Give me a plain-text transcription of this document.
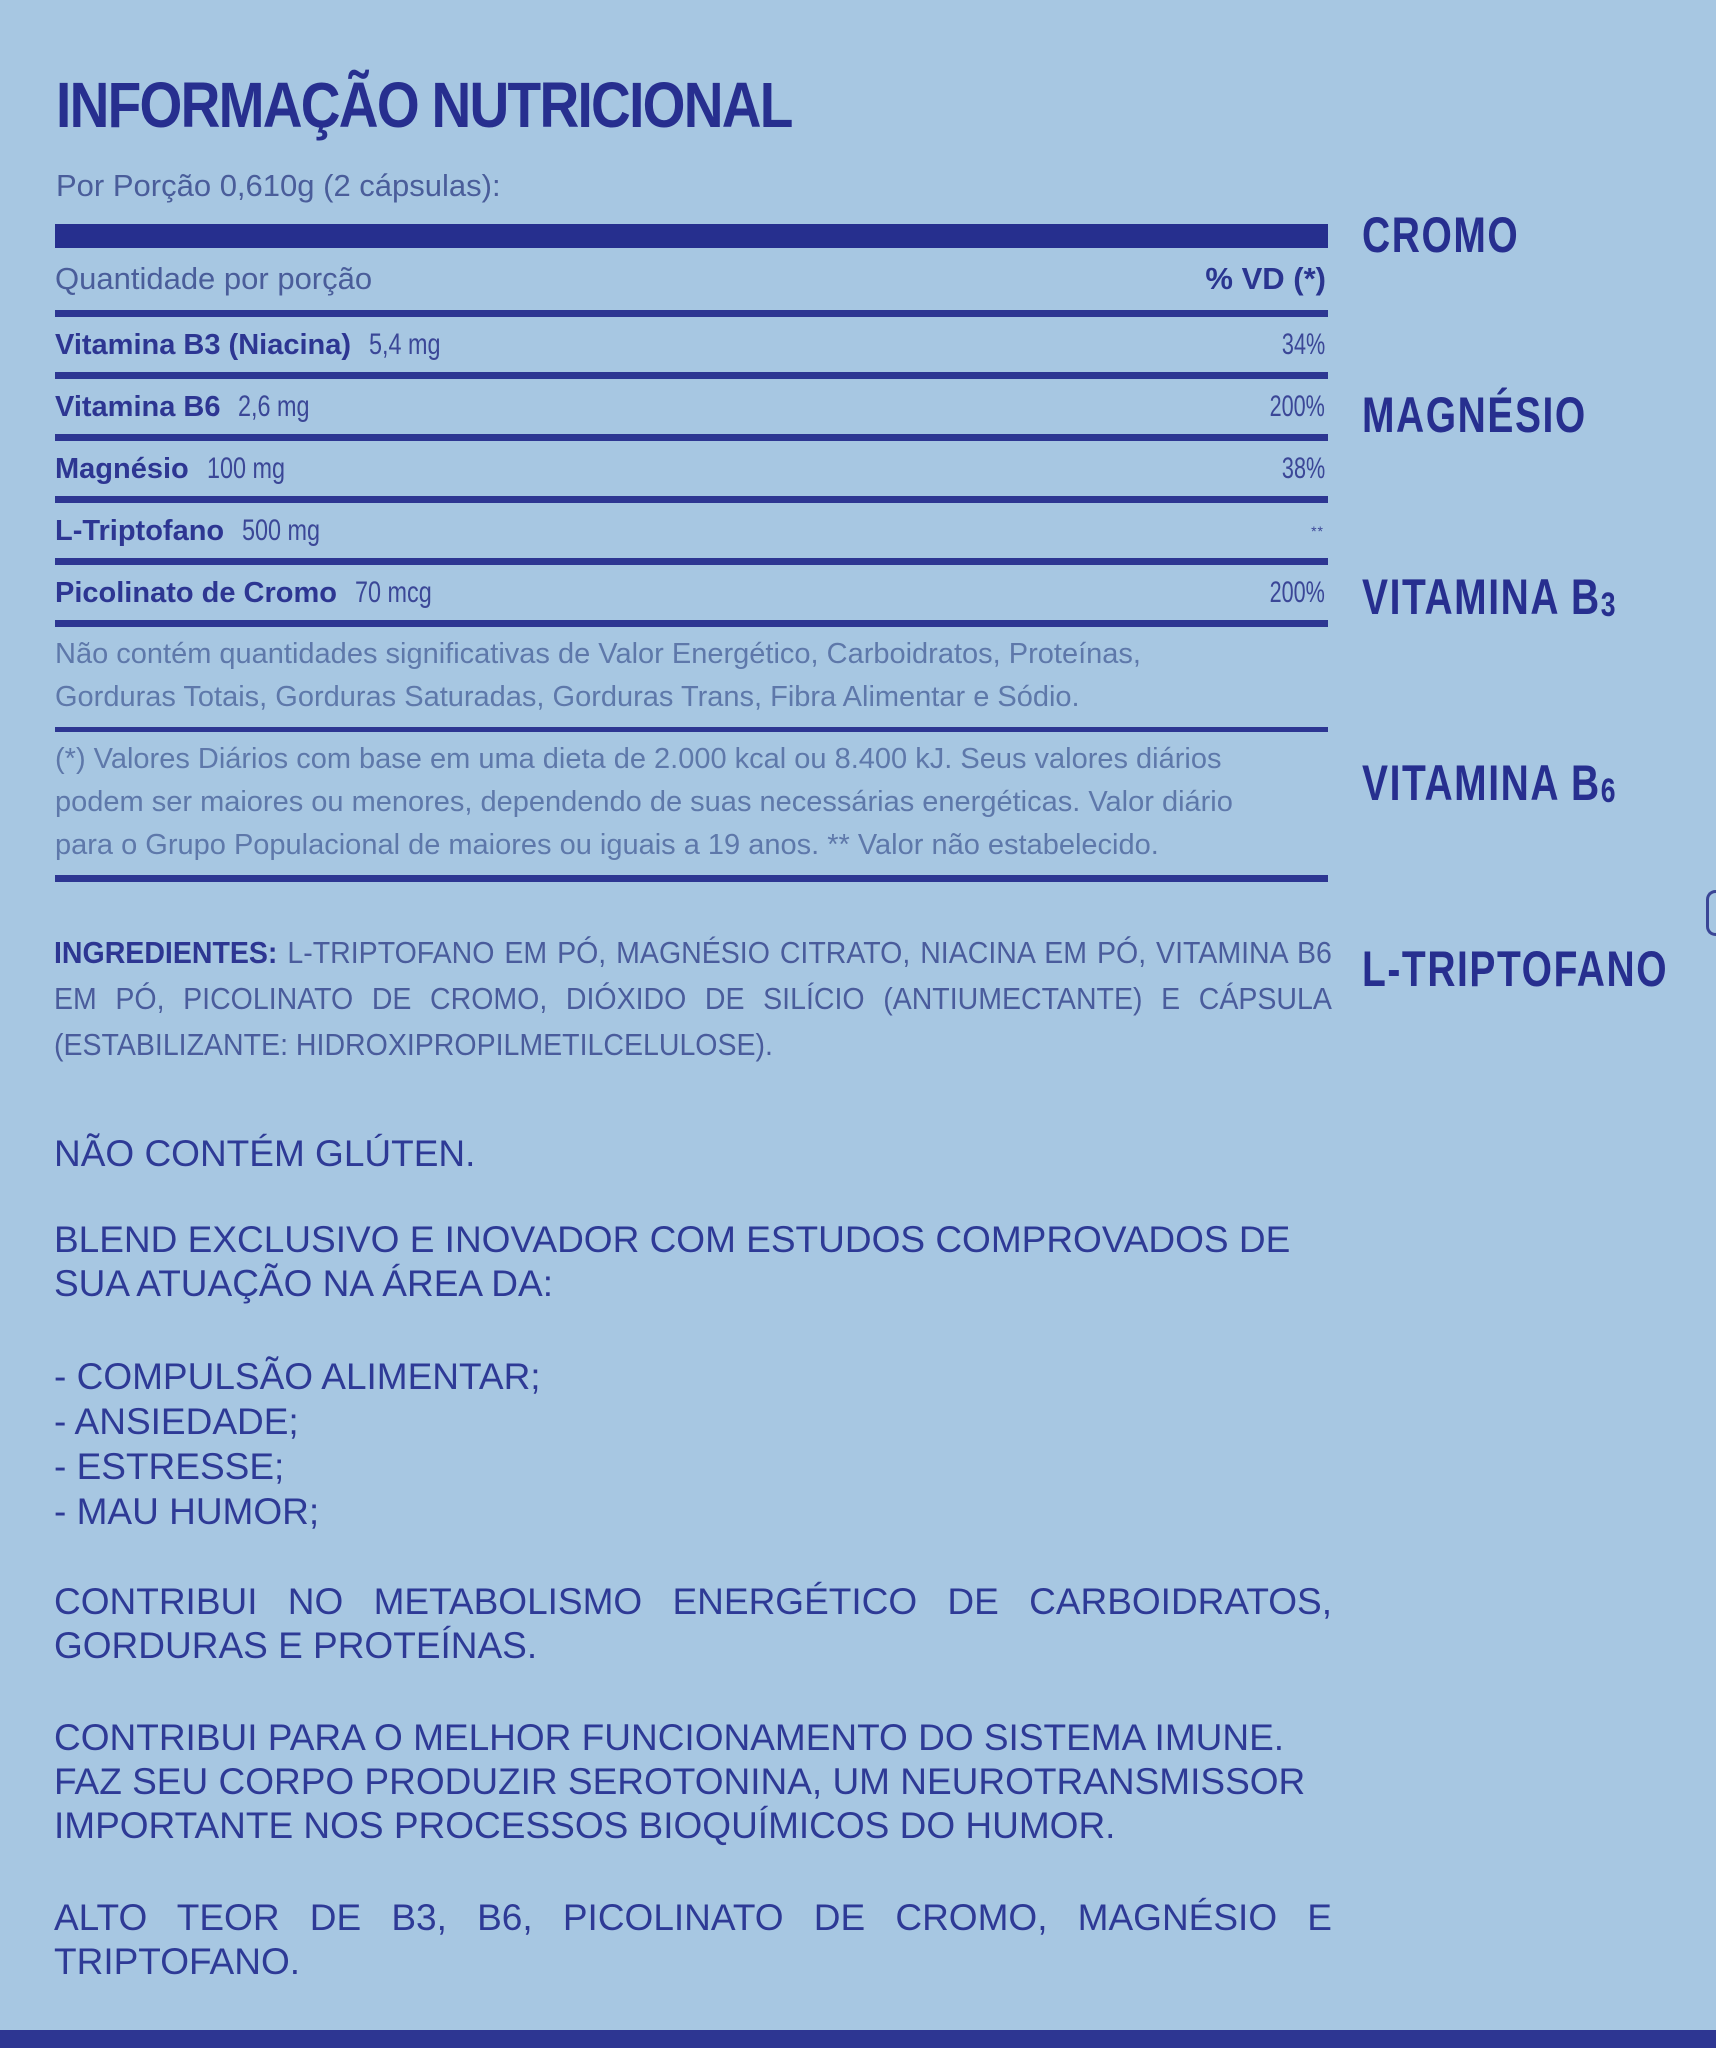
INFORMAÇÃO NUTRICIONAL
Por Porção 0,610g (2 cápsulas):
Quantidade por porção	% VD (*)
Vitamina B3 (Niacina) 5,4 mg	34%
Vitamina B6 2,6 mg	200%
Magnésio 100 mg	38%
L-Triptofano 500 mg	**
Picolinato de Cromo 70 mcg	200%
Não contém quantidades significativas de Valor Energético, Carboidratos, Proteínas,
Gorduras Totais, Gorduras Saturadas, Gorduras Trans, Fibra Alimentar e Sódio.
(*) Valores Diários com base em uma dieta de 2.000 kcal ou 8.400 kJ. Seus valores diários
podem ser maiores ou menores, dependendo de suas necessárias energéticas. Valor diário
para o Grupo Populacional de maiores ou iguais a 19 anos. ** Valor não estabelecido.
INGREDIENTES: L-TRIPTOFANO EM PÓ, MAGNÉSIO CITRATO, NIACINA EM PÓ, VITAMINA B6 EM PÓ, PICOLINATO DE CROMO, DIÓXIDO DE SILÍCIO (ANTIUMECTANTE) E CÁPSULA (ESTABILIZANTE: HIDROXIPROPILMETILCELULOSE).
NÃO CONTÉM GLÚTEN.
BLEND EXCLUSIVO E INOVADOR COM ESTUDOS COMPROVADOS DE
SUA ATUAÇÃO NA ÁREA DA:
- COMPULSÃO ALIMENTAR;
- ANSIEDADE;
- ESTRESSE;
- MAU HUMOR;
CONTRIBUI NO METABOLISMO ENERGÉTICO DE CARBOIDRATOS, GORDURAS E PROTEÍNAS.
CONTRIBUI PARA O MELHOR FUNCIONAMENTO DO SISTEMA IMUNE.
FAZ SEU CORPO PRODUZIR SEROTONINA, UM NEUROTRANSMISSOR
IMPORTANTE NOS PROCESSOS BIOQUÍMICOS DO HUMOR.
ALTO TEOR DE B3, B6, PICOLINATO DE CROMO, MAGNÉSIO E TRIPTOFANO.
CROMO
MAGNÉSIO
VITAMINA $B_3$
VITAMINA $B_6$
L-TRIPTOFANO
